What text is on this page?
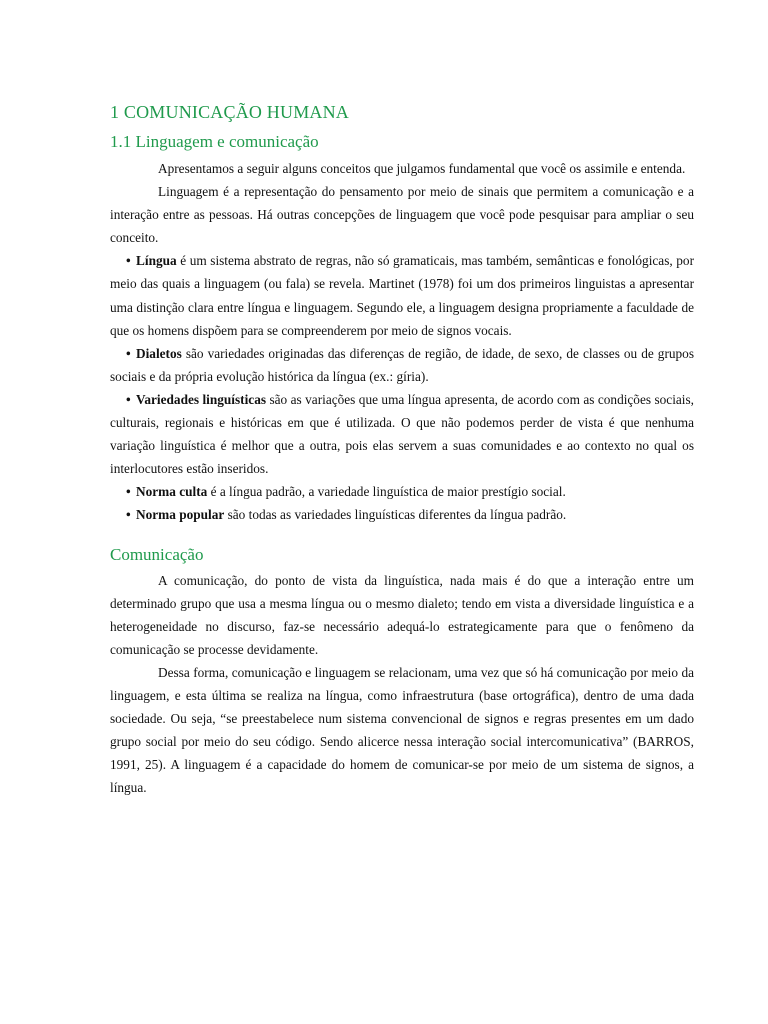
1 COMUNICAÇÃO HUMANA
1.1 Linguagem e comunicação

Apresentamos a seguir alguns conceitos que julgamos fundamental que você os assimile e entenda.

Linguagem é a representação do pensamento por meio de sinais que permitem a comunicação e a interação entre as pessoas. Há outras concepções de linguagem que você pode pesquisar para ampliar o seu conceito.

• Língua é um sistema abstrato de regras, não só gramaticais, mas também, semânticas e fonológicas, por meio das quais a linguagem (ou fala) se revela. Martinet (1978) foi um dos primeiros linguistas a apresentar uma distinção clara entre língua e linguagem. Segundo ele, a linguagem designa propriamente a faculdade de que os homens dispõem para se compreenderem por meio de signos vocais.

• Dialetos são variedades originadas das diferenças de região, de idade, de sexo, de classes ou de grupos sociais e da própria evolução histórica da língua (ex.: gíria).

• Variedades linguísticas são as variações que uma língua apresenta, de acordo com as condições sociais, culturais, regionais e históricas em que é utilizada. O que não podemos perder de vista é que nenhuma variação linguística é melhor que a outra, pois elas servem a suas comunidades e ao contexto no qual os interlocutores estão inseridos.

• Norma culta é a língua padrão, a variedade linguística de maior prestígio social.

• Norma popular são todas as variedades linguísticas diferentes da língua padrão.

Comunicação

A comunicação, do ponto de vista da linguística, nada mais é do que a interação entre um determinado grupo que usa a mesma língua ou o mesmo dialeto; tendo em vista a diversidade linguística e a heterogeneidade no discurso, faz-se necessário adequá-lo estrategicamente para que o fenômeno da comunicação se processe devidamente.

Dessa forma, comunicação e linguagem se relacionam, uma vez que só há comunicação por meio da linguagem, e esta última se realiza na língua, como infraestrutura (base ortográfica), dentro de uma dada sociedade. Ou seja, “se preestabelece num sistema convencional de signos e regras presentes em um dado grupo social por meio do seu código. Sendo alicerce nessa interação social intercomunicativa” (BARROS, 1991, 25). A linguagem é a capacidade do homem de comunicar-se por meio de um sistema de signos, a língua.
